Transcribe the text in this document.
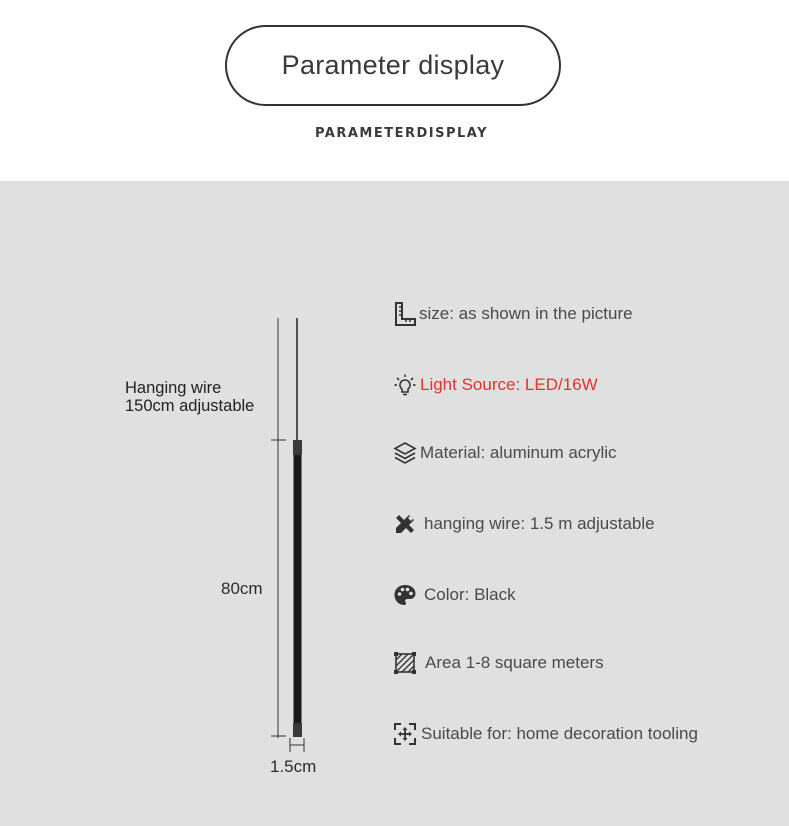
Parameter display
PARAMETERDISPLAY
Hanging wire
150cm adjustable
80cm
1.5cm
size: as shown in the picture
Light Source: LED/16W
Material: aluminum acrylic
hanging wire: 1.5 m adjustable
Color: Black
Area 1-8 square meters
Suitable for: home decoration tooling
